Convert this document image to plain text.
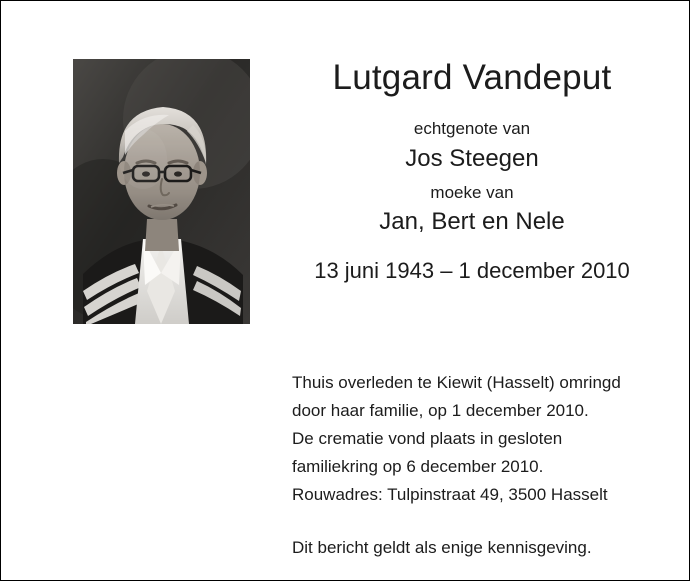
Lutgard Vandeput
echtgenote van
Jos Steegen
moeke van
Jan, Bert en Nele
13 juni 1943 – 1 december 2010

Thuis overleden te Kiewit (Hasselt) omringd
door haar familie, op 1 december 2010.
De crematie vond plaats in gesloten
familiekring op 6 december 2010.
Rouwadres: Tulpinstraat 49, 3500 Hasselt

Dit bericht geldt als enige kennisgeving.
